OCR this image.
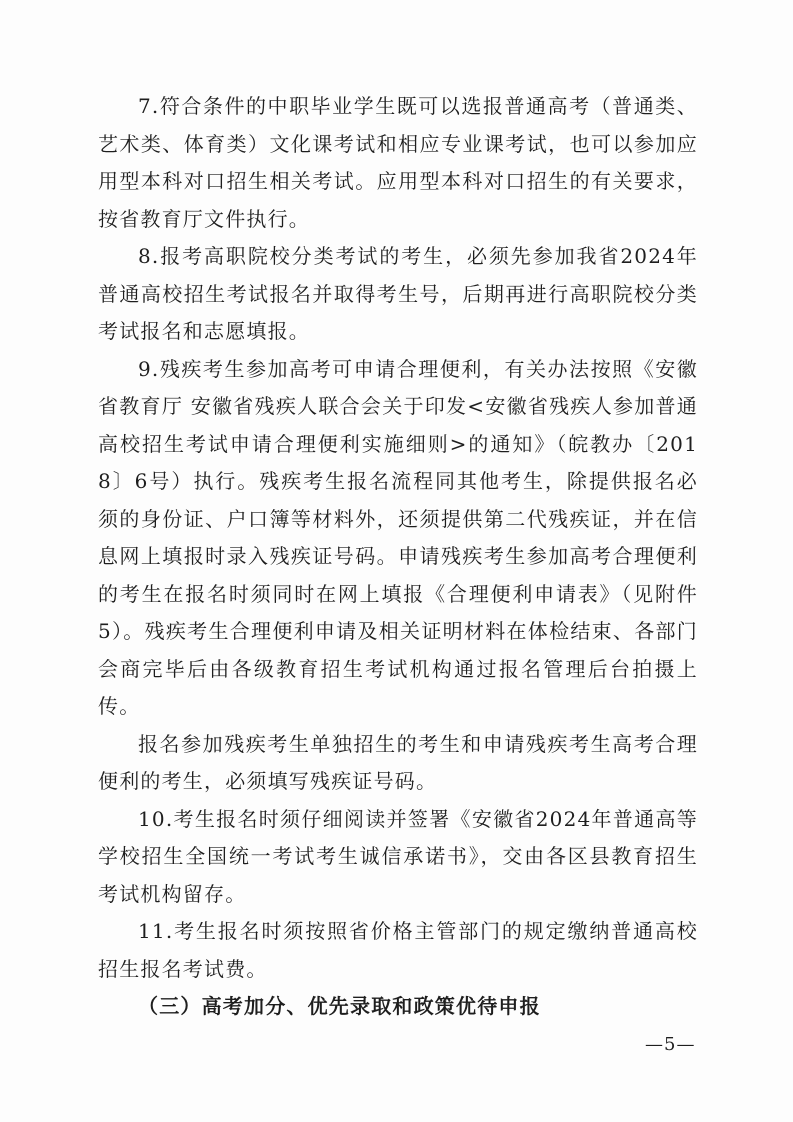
7.符合条件的中职毕业学生既可以选报普通高考（普通类、艺术类、体育类）文化课考试和相应专业课考试，也可以参加应用型本科对口招生相关考试。应用型本科对口招生的有关要求，按省教育厅文件执行。

8.报考高职院校分类考试的考生，必须先参加我省2024年普通高校招生考试报名并取得考生号，后期再进行高职院校分类考试报名和志愿填报。

9.残疾考生参加高考可申请合理便利，有关办法按照《安徽省教育厅 安徽省残疾人联合会关于印发<安徽省残疾人参加普通高校招生考试申请合理便利实施细则>的通知》（皖教办〔2018〕6号）执行。残疾考生报名流程同其他考生，除提供报名必须的身份证、户口簿等材料外，还须提供第二代残疾证，并在信息网上填报时录入残疾证号码。申请残疾考生参加高考合理便利的考生在报名时须同时在网上填报《合理便利申请表》（见附件5）。残疾考生合理便利申请及相关证明材料在体检结束、各部门会商完毕后由各级教育招生考试机构通过报名管理后台拍摄上传。

报名参加残疾考生单独招生的考生和申请残疾考生高考合理便利的考生，必须填写残疾证号码。

10.考生报名时须仔细阅读并签署《安徽省2024年普通高等学校招生全国统一考试考生诚信承诺书》，交由各区县教育招生考试机构留存。

11.考生报名时须按照省价格主管部门的规定缴纳普通高校招生报名考试费。

（三）高考加分、优先录取和政策优待申报

—5—
